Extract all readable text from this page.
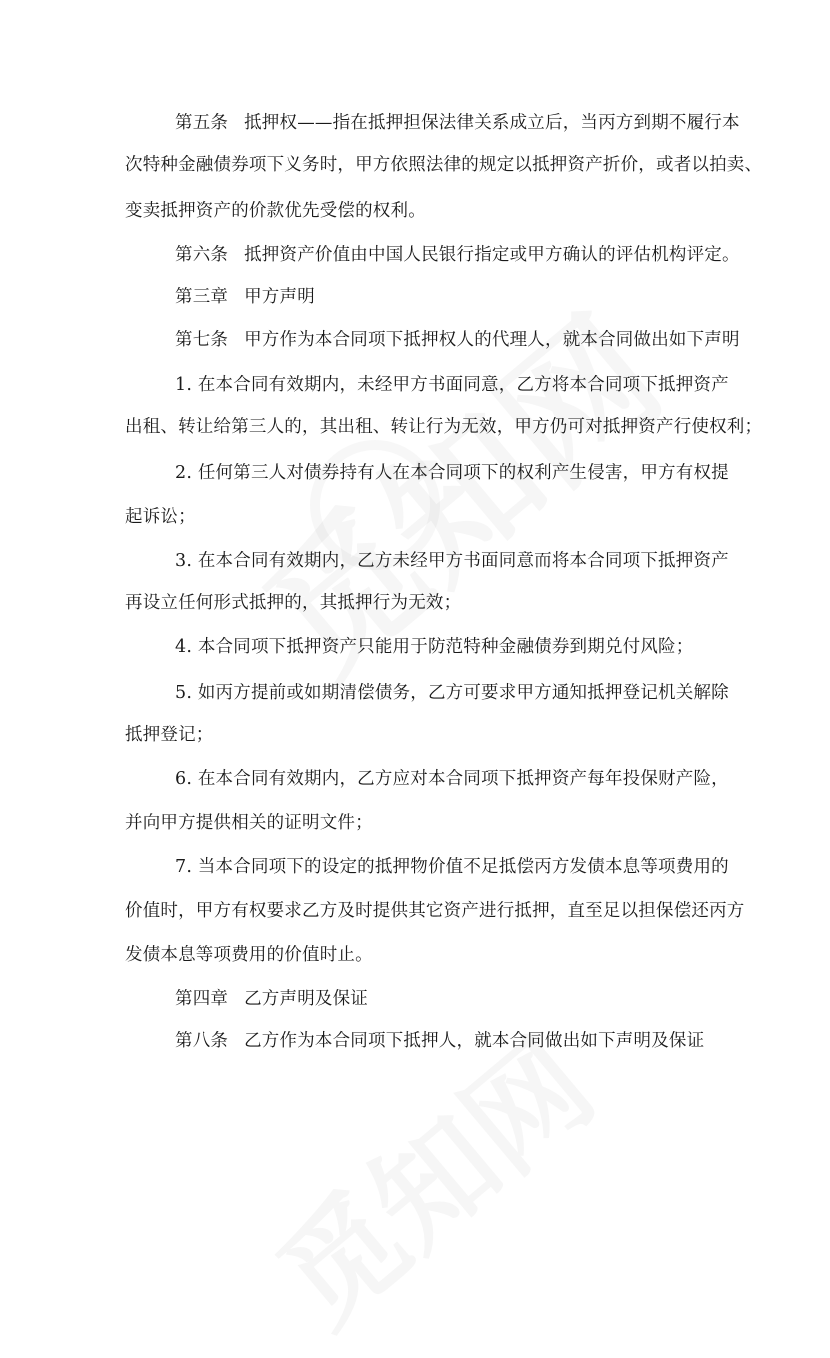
第五条 抵押权——指在抵押担保法律关系成立后，当丙方到期不履行本
次特种金融债券项下义务时，甲方依照法律的规定以抵押资产折价，或者以拍卖、
变卖抵押资产的价款优先受偿的权利。
第六条 抵押资产价值由中国人民银行指定或甲方确认的评估机构评定。
第三章 甲方声明
第七条 甲方作为本合同项下抵押权人的代理人，就本合同做出如下声明
1. 在本合同有效期内，未经甲方书面同意，乙方将本合同项下抵押资产
出租、转让给第三人的，其出租、转让行为无效，甲方仍可对抵押资产行使权利；
2. 任何第三人对债券持有人在本合同项下的权利产生侵害，甲方有权提
起诉讼；
3. 在本合同有效期内，乙方未经甲方书面同意而将本合同项下抵押资产
再设立任何形式抵押的，其抵押行为无效；
4. 本合同项下抵押资产只能用于防范特种金融债券到期兑付风险；
5. 如丙方提前或如期清偿债务，乙方可要求甲方通知抵押登记机关解除
抵押登记；
6. 在本合同有效期内，乙方应对本合同项下抵押资产每年投保财产险，
并向甲方提供相关的证明文件；
7. 当本合同项下的设定的抵押物价值不足抵偿丙方发债本息等项费用的
价值时，甲方有权要求乙方及时提供其它资产进行抵押，直至足以担保偿还丙方
发债本息等项费用的价值时止。
第四章 乙方声明及保证
第八条 乙方作为本合同项下抵押人，就本合同做出如下声明及保证
